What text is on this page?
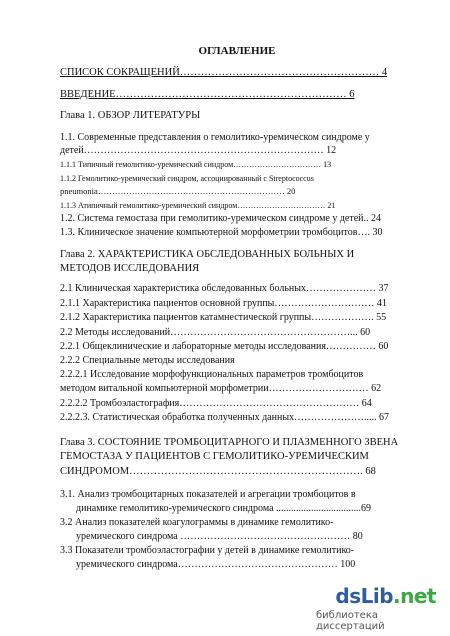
ОГЛАВЛЕНИЕ
СПИСОК СОКРАЩЕНИЙ………………………………………………… 4
ВВЕДЕНИЕ………………………………………………………… 6
Глава 1. ОБЗОР ЛИТЕРАТУРЫ
1.1. Современные представления о гемолитико-уремическом синдроме у
детей……………………………………………………………… 12
1.1.1 Типичный гемолитико-уремический синдром…………………………… 13
1.1.2 Гемолитико-уремический синдром, ассоциированный с Streptococcus
pneumonia………………………………………………………… 20
1.1.3 Атипичный гемолитико-уремический синдром…………………………… 21
1.2. Система гемостаза при гемолитико-уремическом синдроме у детей.. 24
1.3. Клиническое значение компьютерной морфометрии тромбоцитов…. 30
Глава 2. ХАРАКТЕРИСТИКА ОБСЛЕДОВАННЫХ БОЛЬНЫХ И
МЕТОДОВ ИССЛЕДОВАНИЯ
2.1 Клиническая характеристика обследованных больных………………… 37
2.1.1 Характеристика пациентов основной группы………………………… 41
2.1.2 Характеристика пациентов катамнестической группы………………. 55
2.2 Методы исследований………………………………………………... 60
2.2.1 Общеклинические и лабораторные методы исследования…………… 60
2.2.2 Специальные методы исследования
2.2.2.1 Исследование морфофункциональных параметров тромбоцитов
методом витальной компьютерной морфометрии………………………… 62
2.2.2.2 Тромбоэластография……………………………………………… 64
2.2.2.3. Статистическая обработка полученных данных…………………..... 67
Глава 3. СОСТОЯНИЕ ТРОМБОЦИТАРНОГО И ПЛАЗМЕННОГО ЗВЕНА
ГЕМОСТАЗА У ПАЦИЕНТОВ С ГЕМОЛИТИКО-УРЕМИЧЕСКИМ
СИНДРОМОМ…………………………………………………………. 68
3.1. Анализ тромбоцитарных показателей и агрегации тромбоцитов в
динамике гемолитико-уремического синдрома ..................................69
3.2 Анализ показателей коагулограммы в динамике гемолитико-
уремического синдрома …………………………………………… 80
3.3 Показатели тромбоэластографии у детей в динамике гемолитико-
уремического синдрома………………………………………… 100
dsLib.net
библиотека диссертаций
